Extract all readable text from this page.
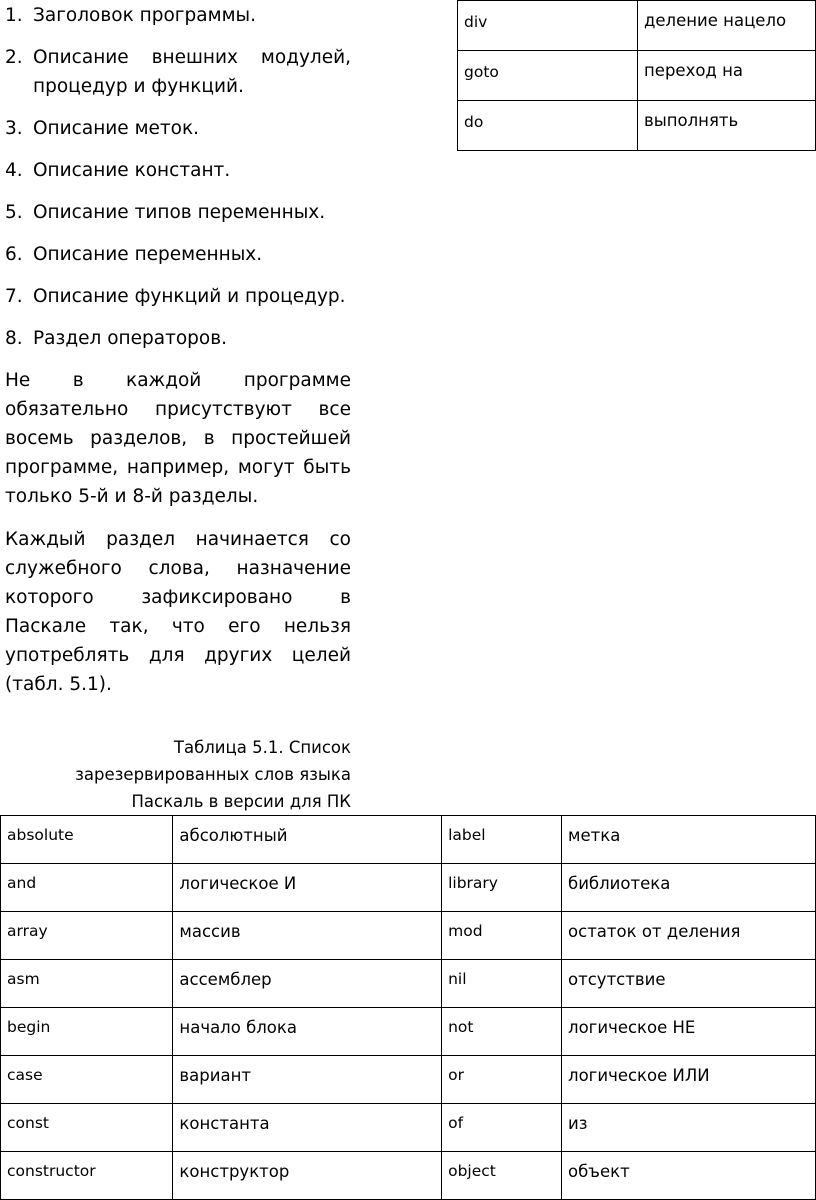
1. Заголовок программы.
2. Описание внешних модулей, процедур и функций.
3. Описание меток.
4. Описание констант.
5. Описание типов переменных.
6. Описание переменных.
7. Описание функций и процедур.
8. Раздел операторов.

Не в каждой программе обязательно присутствуют все восемь разделов, в простейшей программе, например, могут быть только 5-й и 8-й разделы.

Каждый раздел начинается со служебного слова, назначение которого зафиксировано в Паскале так, что его нельзя употреблять для других целей (табл. 5.1).

Таблица 5.1. Список
зарезервированных слов языка
Паскаль в версии для ПК
div	деление нацело
goto	переход на
do	выполнять
absolute	абсолютный	label	метка
and	логическое И	library	библиотека
array	массив	mod	остаток от деления
asm	ассемблер	nil	отсутствие
begin	начало блока	not	логическое НЕ
case	вариант	or	логическое ИЛИ
const	константа	of	из
constructor	конструктор	object	объект
